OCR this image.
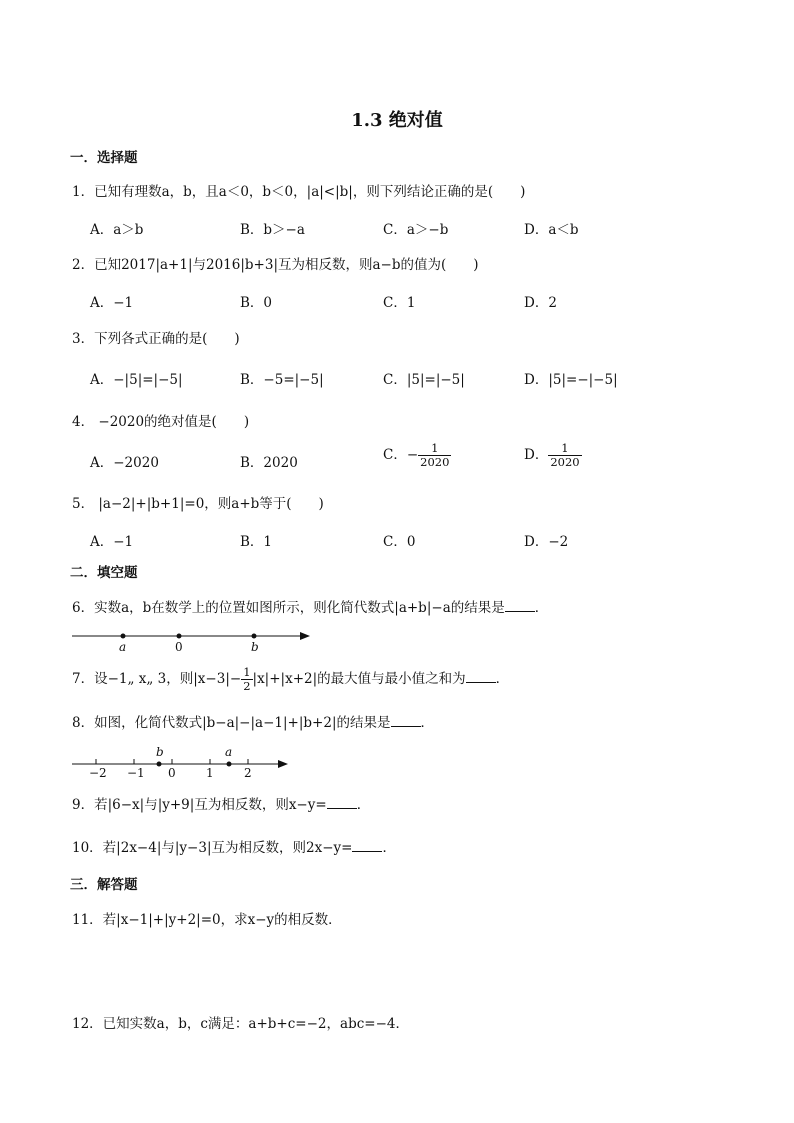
1.3 绝对值
一．选择题
1．已知有理数a，b，且a＜0，b＜0，|a|<|b|，则下列结论正确的是(　　)
A．a＞b	B．b＞−a	C．a＞−b	D．a＜b
2．已知2017|a+1|与2016|b+3|互为相反数，则a−b的值为(　　)
A．−1	B．0	C．1	D．2
3．下列各式正确的是(　　)
A．−|5|=|−5|	B．−5=|−5|	C．|5|=|−5|	D．|5|=−|−5|
4． −2020的绝对值是(　　)
A．−2020	B．2020	C．− $\frac{1}{2020}$	D． $\frac{1}{2020}$
5． |a−2|+|b+1|=0，则a+b等于(　　)
A．−1	B．1	C．0	D．−2
二．填空题
6．实数a，b在数学上的位置如图所示，则化简代数式|a+b|−a的结果是 ．
a	0	b
7．设−1„ x„ 3，则$|x-3|- \frac{1}{2} |x|+|x+2|$的最大值与最小值之和为 ．
8．如图，化简代数式|b−a|−|a−1|+|b+2|的结果是 ．
b	a
−2 −1 0	1	2
9．若|6−x|与|y+9|互为相反数，则x−y= ．
10．若|2x−4|与|y−3|互为相反数，则2x−y= ．
三．解答题
11．若|x−1|+|y+2|=0，求x−y的相反数．
12．已知实数a，b，c满足：a+b+c=−2，abc=−4．
